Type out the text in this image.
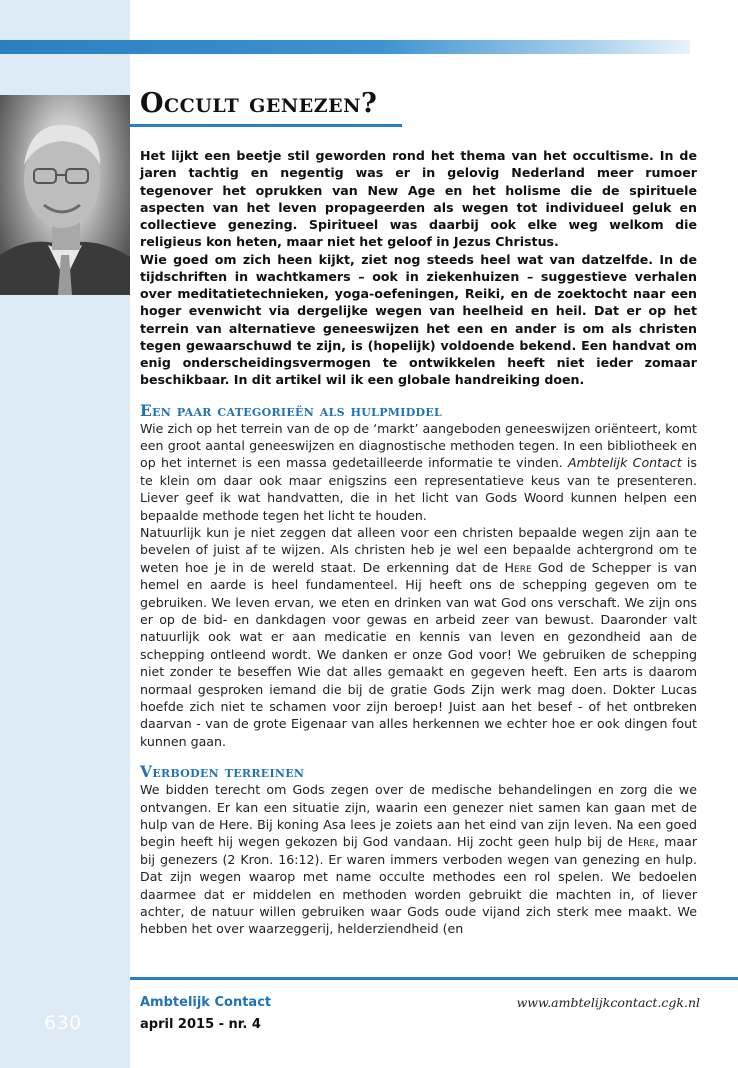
Occult genezen?

Het lijkt een beetje stil geworden rond het thema van het occultisme. In de jaren tachtig en negentig was er in gelovig Nederland meer rumoer tegenover het oprukken van New Age en het holisme die de spirituele aspecten van het leven propageerden als wegen tot individueel geluk en collectieve genezing. Spiritueel was daarbij ook elke weg welkom die religieus kon heten, maar niet het geloof in Jezus Christus.

Wie goed om zich heen kijkt, ziet nog steeds heel wat van datzelfde. In de tijdschriften in wachtkamers – ook in ziekenhuizen – suggestieve verhalen over meditatietechnieken, yoga-oefeningen, Reiki, en de zoektocht naar een hoger evenwicht via dergelijke wegen van heelheid en heil. Dat er op het terrein van alternatieve geneeswijzen het een en ander is om als christen tegen gewaarschuwd te zijn, is (hopelijk) voldoende bekend. Een handvat om enig onderscheidingsvermogen te ontwikkelen heeft niet ieder zomaar beschikbaar. In dit artikel wil ik een globale handreiking doen.

Een paar categorieën als hulpmiddel

Wie zich op het terrein van de op de ‘markt’ aangeboden geneeswijzen oriënteert, komt een groot aantal geneeswijzen en diagnostische methoden tegen. In een bibliotheek en op het internet is een massa gedetailleerde informatie te vinden. Ambtelijk Contact is te klein om daar ook maar enigszins een representatieve keus van te presenteren. Liever geef ik wat handvatten, die in het licht van Gods Woord kunnen helpen een bepaalde methode tegen het licht te houden.

Natuurlijk kun je niet zeggen dat alleen voor een christen bepaalde wegen zijn aan te bevelen of juist af te wijzen. Als christen heb je wel een bepaalde achtergrond om te weten hoe je in de wereld staat. De erkenning dat de Here God de Schepper is van hemel en aarde is heel fundamenteel. Hij heeft ons de schepping gegeven om te gebruiken. We leven ervan, we eten en drinken van wat God ons verschaft. We zijn ons er op de bid- en dankdagen voor gewas en arbeid zeer van bewust. Daaronder valt natuurlijk ook wat er aan medicatie en kennis van leven en gezondheid aan de schepping ontleend wordt. We danken er onze God voor! We gebruiken de schepping niet zonder te beseffen Wie dat alles gemaakt en gegeven heeft. Een arts is daarom normaal gesproken iemand die bij de gratie Gods Zijn werk mag doen. Dokter Lucas hoefde zich niet te schamen voor zijn beroep! Juist aan het besef - of het ontbreken daarvan - van de grote Eigenaar van alles herkennen we echter hoe er ook dingen fout kunnen gaan.

Verboden terreinen

We bidden terecht om Gods zegen over de medische behandelingen en zorg die we ontvangen. Er kan een situatie zijn, waarin een genezer niet samen kan gaan met de hulp van de Here. Bij koning Asa lees je zoiets aan het eind van zijn leven. Na een goed begin heeft hij wegen gekozen bij God vandaan. Hij zocht geen hulp bij de Here, maar bij genezers (2 Kron. 16:12). Er waren immers verboden wegen van genezing en hulp. Dat zijn wegen waarop met name occulte methodes een rol spelen. We bedoelen daarmee dat er middelen en methoden worden gebruikt die machten in, of liever achter, de natuur willen gebruiken waar Gods oude vijand zich sterk mee maakt. We hebben het over waarzeggerij, helderziendheid (en

Ambtelijk Contact
april 2015 - nr. 4
www.ambtelijkcontact.cgk.nl
630
